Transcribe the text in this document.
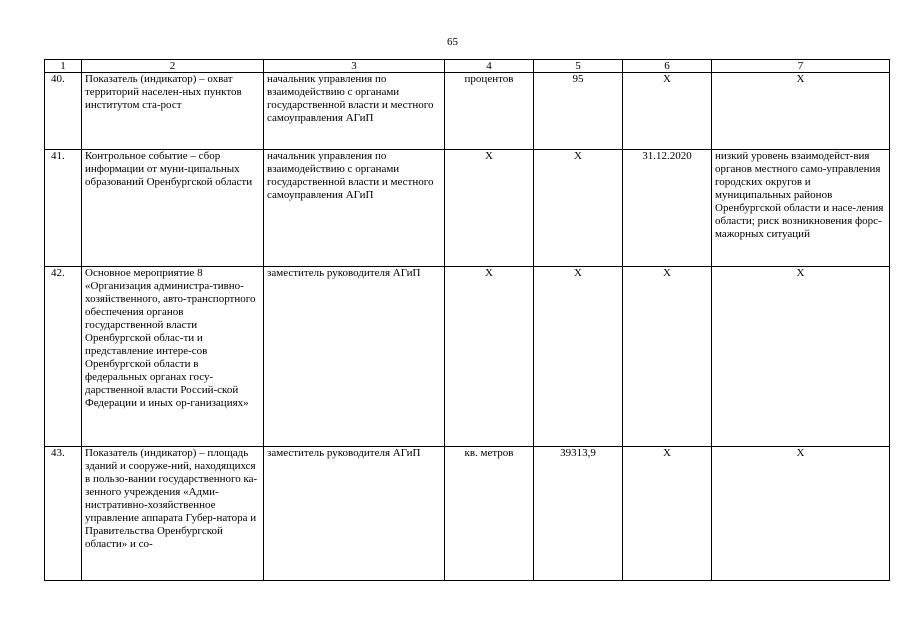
65
1	2	3	4	5	6	7
40.	Показатель (индикатор) – охват территорий населен-ных пунктов институтом ста-рост	начальник управления по взаимодействию с органами государственной власти и местного самоуправления АГиП	процентов	95	Х	Х
41.	Контрольное событие – сбор информации от муни-ципальных образований Оренбургской области	начальник управления по взаимодействию с органами государственной власти и местного самоуправления АГиП	Х	Х	31.12.2020	низкий уровень взаимодейст-вия органов местного само-управления городских округов и муниципальных районов Оренбургской области и насе-ления области; риск возникновения форс-мажорных ситуаций
42.	Основное мероприятие 8 «Организация администра-тивно-хозяйственного, авто-транспортного обеспечения органов государственной власти Оренбургской облас-ти и представление интере-сов Оренбургской области в федеральных органах госу-дарственной власти Россий-ской Федерации и иных ор-ганизациях»	заместитель руководителя АГиП	Х	Х	Х	Х
43.	Показатель (индикатор) – площадь зданий и сооруже-ний, находящихся в пользо-вании государственного ка-зенного учреждения «Адми-нистративно-хозяйственное управление аппарата Губер-натора и Правительства Оренбургской области» и со-	заместитель руководителя АГиП	кв. метров	39313,9	Х	Х
